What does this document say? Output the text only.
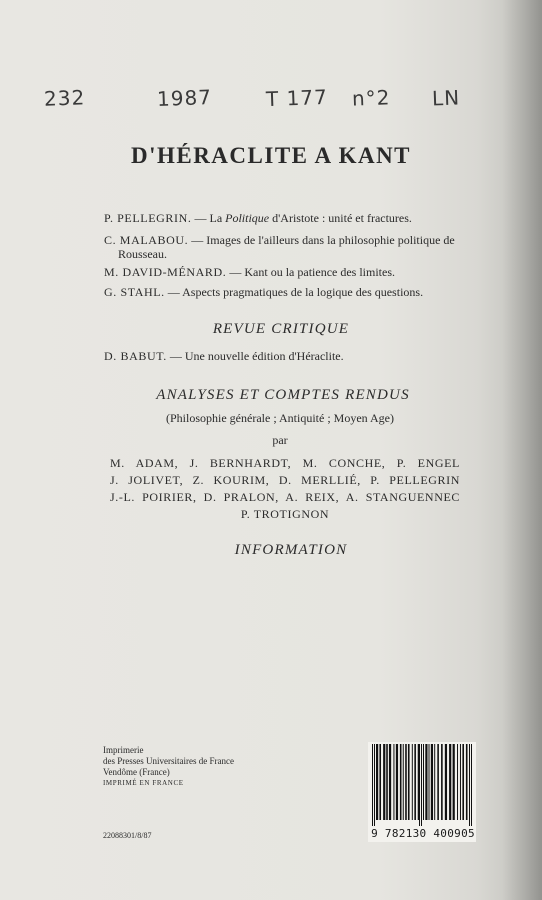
232	1987	T 177 n°2 LN
D'HÉRACLITE A KANT
P. PELLEGRIN. — La Politique d'Aristote : unité et fractures.
C. MALABOU. — Images de l'ailleurs dans la philosophie politique de
Rousseau.
M. DAVID-MÉNARD. — Kant ou la patience des limites.
G. STAHL. — Aspects pragmatiques de la logique des questions.
REVUE CRITIQUE
D. BABUT. — Une nouvelle édition d'Héraclite.
ANALYSES ET COMPTES RENDUS
(Philosophie générale ; Antiquité ; Moyen Age)
par
M. ADAM, J. BERNHARDT, M. CONCHE, P. ENGEL
J. JOLIVET, Z. KOURIM, D. MERLLIÉ, P. PELLEGRIN
J.-L. POIRIER, D. PRALON, A. REIX, A. STANGUENNEC
P. TROTIGNON
INFORMATION
Imprimerie
des Presses Universitaires de France
Vendôme (France)
IMPRIMÉ EN FRANCE
22088301/8/87	9 782130 400905
